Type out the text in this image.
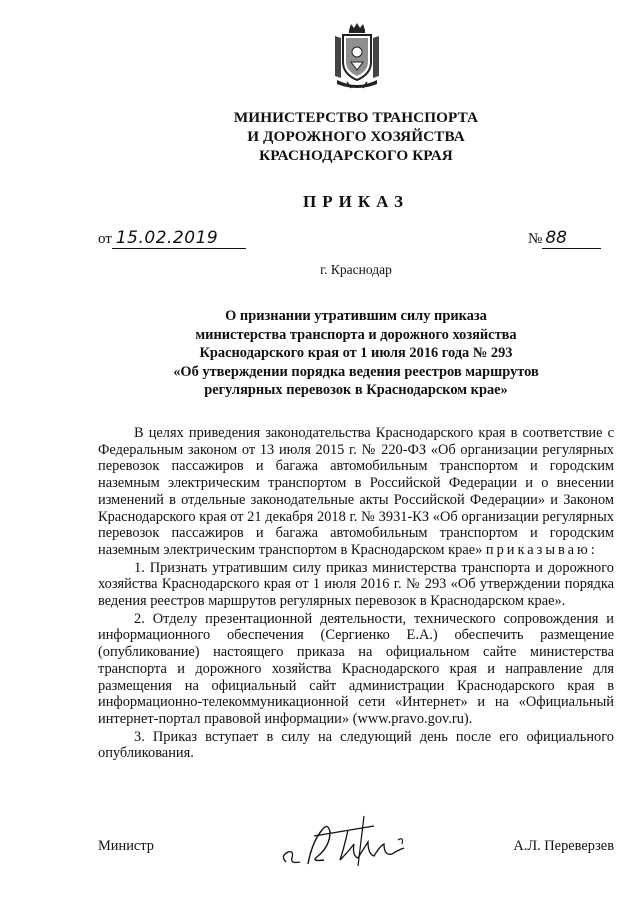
МИНИСТЕРСТВО ТРАНСПОРТА
И ДОРОЖНОГО ХОЗЯЙСТВА
КРАСНОДАРСКОГО КРАЯ
ПРИКАЗ
от 15.02.2019	№ 88
г. Краснодар
О признании утратившим силу приказа
министерства транспорта и дорожного хозяйства
Краснодарского края от 1 июля 2016 года № 293
«Об утверждении порядка ведения реестров маршрутов
регулярных перевозок в Краснодарском крае»

В целях приведения законодательства Краснодарского края в соответствие с Федеральным законом от 13 июля 2015 г. № 220-ФЗ «Об организации регулярных перевозок пассажиров и багажа автомобильным транспортом и городским наземным электрическим транспортом в Российской Федерации и о внесении изменений в отдельные законодательные акты Российской Федерации» и Законом Краснодарского края от 21 декабря 2018 г. № 3931-КЗ «Об организации регулярных перевозок пассажиров и багажа автомобильным транспортом и городским наземным электрическим транспортом в Краснодарском крае» приказываю:

1. Признать утратившим силу приказ министерства транспорта и дорожного хозяйства Краснодарского края от 1 июля 2016 г. № 293 «Об утверждении порядка ведения реестров маршрутов регулярных перевозок в Краснодарском крае».

2. Отделу презентационной деятельности, технического сопровождения и информационного обеспечения (Сергиенко Е.А.) обеспечить размещение (опубликование) настоящего приказа на официальном сайте министерства транспорта и дорожного хозяйства Краснодарского края и направление для размещения на официальный сайт администрации Краснодарского края в информационно-телекоммуникационной сети «Интернет» и на «Официальный интернет-портал правовой информации» (www.pravo.gov.ru).

3. Приказ вступает в силу на следующий день после его официального опубликования.

Министр	А.Л. Переверзев
